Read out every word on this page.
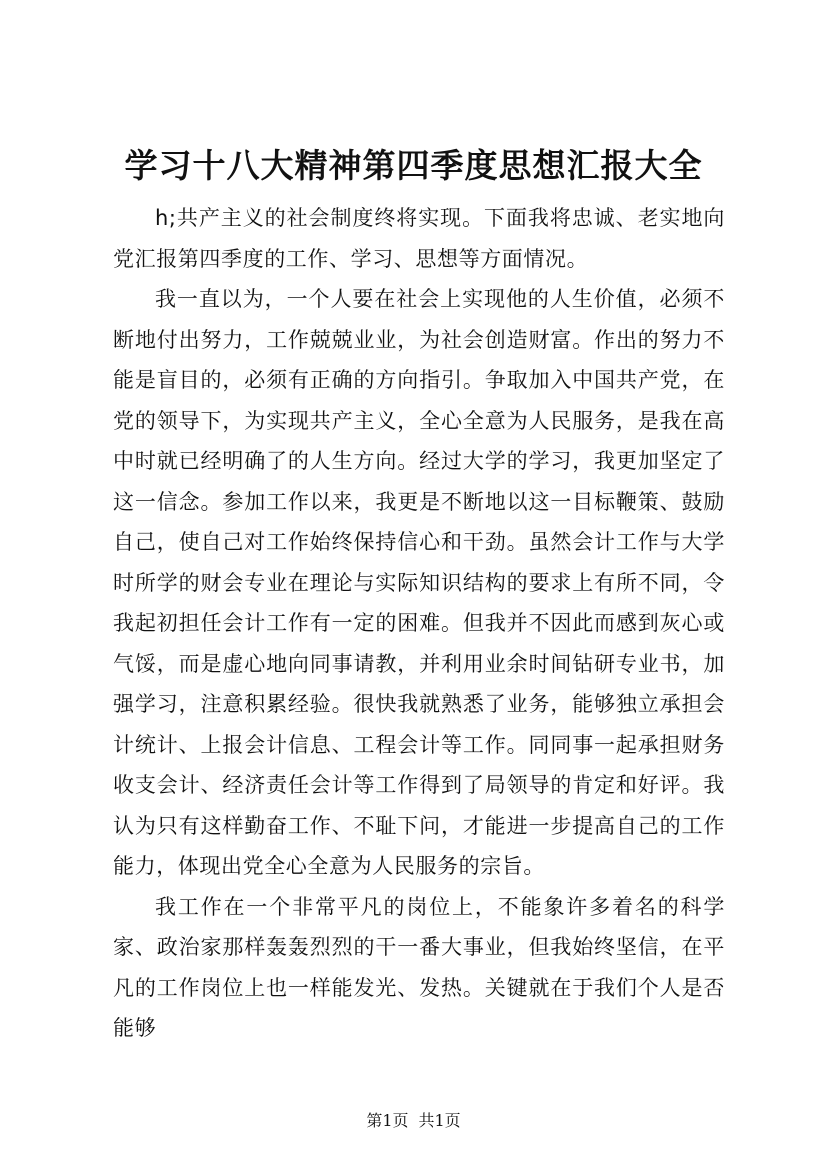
学习十八大精神第四季度思想汇报大全

h;共产主义的社会制度终将实现。下面我将忠诚、老实地向党汇报第四季度的工作、学习、思想等方面情况。

我一直以为，一个人要在社会上实现他的人生价值，必须不断地付出努力，工作兢兢业业，为社会创造财富。作出的努力不能是盲目的，必须有正确的方向指引。争取加入中国共产党，在党的领导下，为实现共产主义，全心全意为人民服务，是我在高中时就已经明确了的人生方向。经过大学的学习，我更加坚定了这一信念。参加工作以来，我更是不断地以这一目标鞭策、鼓励自己，使自己对工作始终保持信心和干劲。虽然会计工作与大学时所学的财会专业在理论与实际知识结构的要求上有所不同，令我起初担任会计工作有一定的困难。但我并不因此而感到灰心或气馁，而是虚心地向同事请教，并利用业余时间钻研专业书，加强学习，注意积累经验。很快我就熟悉了业务，能够独立承担会计统计、上报会计信息、工程会计等工作。同同事一起承担财务收支会计、经济责任会计等工作得到了局领导的肯定和好评。我认为只有这样勤奋工作、不耻下问，才能进一步提高自己的工作能力，体现出党全心全意为人民服务的宗旨。

我工作在一个非常平凡的岗位上，不能象许多着名的科学家、政治家那样轰轰烈烈的干一番大事业，但我始终坚信，在平凡的工作岗位上也一样能发光、发热。关键就在于我们个人是否能够

第1页 共1页
